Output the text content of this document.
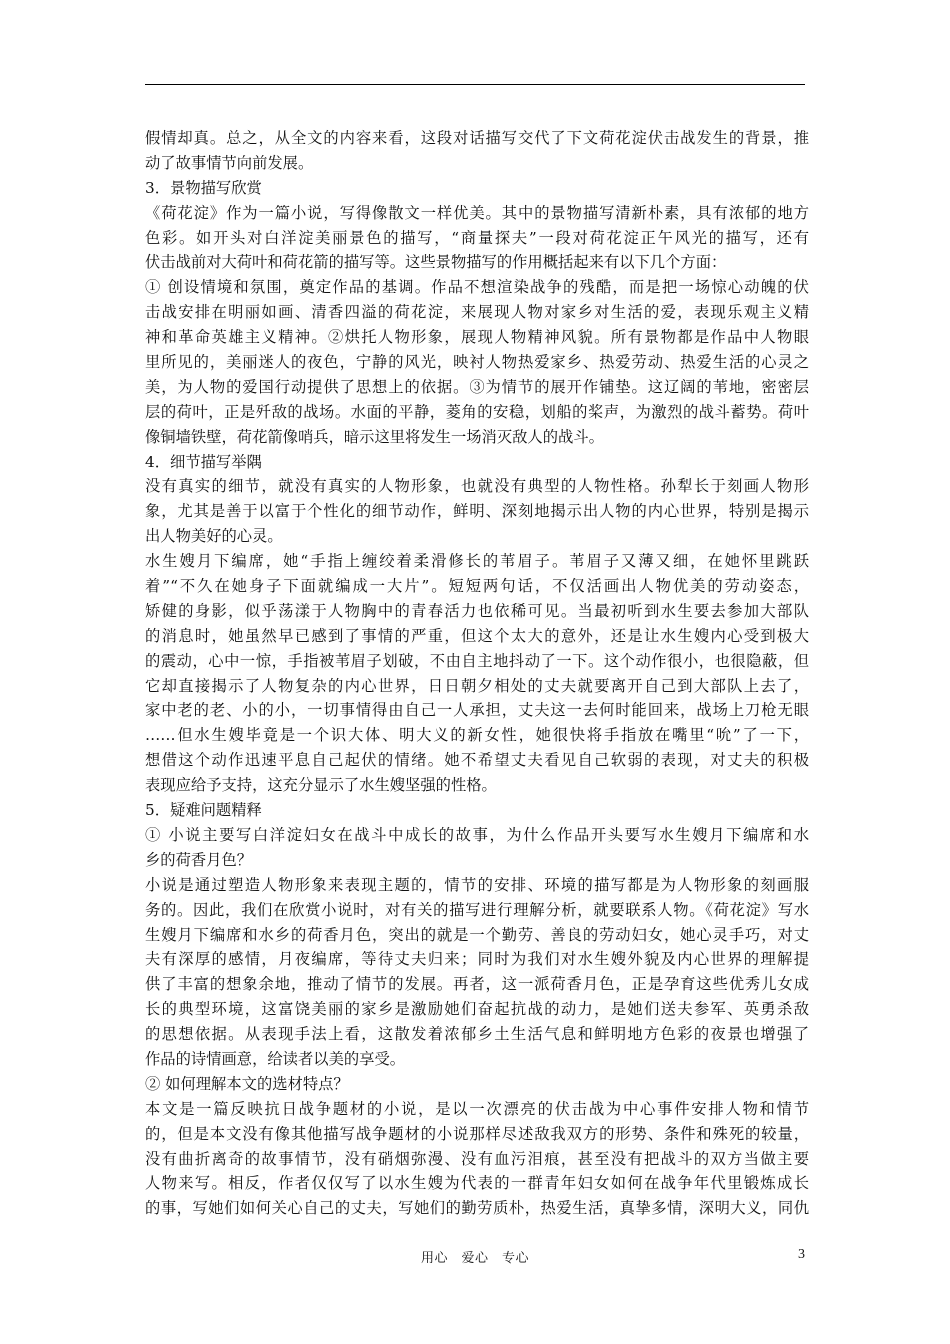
假情却真。总之，从全文的内容来看，这段对话描写交代了下文荷花淀伏击战发生的背景，推
动了故事情节向前发展。
3．景物描写欣赏
《荷花淀》作为一篇小说，写得像散文一样优美。其中的景物描写清新朴素，具有浓郁的地方
色彩。如开头对白洋淀美丽景色的描写，“商量探夫”一段对荷花淀正午风光的描写，还有
伏击战前对大荷叶和荷花箭的描写等。这些景物描写的作用概括起来有以下几个方面：
① 创设情境和氛围，奠定作品的基调。作品不想渲染战争的残酷，而是把一场惊心动魄的伏
击战安排在明丽如画、清香四溢的荷花淀，来展现人物对家乡对生活的爱，表现乐观主义精
神和革命英雄主义精神。②烘托人物形象，展现人物精神风貌。所有景物都是作品中人物眼
里所见的，美丽迷人的夜色，宁静的风光，映衬人物热爱家乡、热爱劳动、热爱生活的心灵之
美，为人物的爱国行动提供了思想上的依据。③为情节的展开作铺垫。这辽阔的苇地，密密层
层的荷叶，正是歼敌的战场。水面的平静，菱角的安稳，划船的桨声，为激烈的战斗蓄势。荷叶
像铜墙铁壁，荷花箭像哨兵，暗示这里将发生一场消灭敌人的战斗。
4．细节描写举隅
没有真实的细节，就没有真实的人物形象，也就没有典型的人物性格。孙犁长于刻画人物形
象，尤其是善于以富于个性化的细节动作，鲜明、深刻地揭示出人物的内心世界，特别是揭示
出人物美好的心灵。
水生嫂月下编席，她“手指上缠绞着柔滑修长的苇眉子。苇眉子又薄又细，在她怀里跳跃
着”“不久在她身子下面就编成一大片”。短短两句话，不仅活画出人物优美的劳动姿态，
矫健的身影，似乎荡漾于人物胸中的青春活力也依稀可见。当最初听到水生要去参加大部队
的消息时，她虽然早已感到了事情的严重，但这个太大的意外，还是让水生嫂内心受到极大
的震动，心中一惊，手指被苇眉子划破，不由自主地抖动了一下。这个动作很小，也很隐蔽，但
它却直接揭示了人物复杂的内心世界，日日朝夕相处的丈夫就要离开自己到大部队上去了，
家中老的老、小的小，一切事情得由自己一人承担，丈夫这一去何时能回来，战场上刀枪无眼
……但水生嫂毕竟是一个识大体、明大义的新女性，她很快将手指放在嘴里“吮”了一下，
想借这个动作迅速平息自己起伏的情绪。她不希望丈夫看见自己软弱的表现，对丈夫的积极
表现应给予支持，这充分显示了水生嫂坚强的性格。
5．疑难问题精释
① 小说主要写白洋淀妇女在战斗中成长的故事，为什么作品开头要写水生嫂月下编席和水
乡的荷香月色？
小说是通过塑造人物形象来表现主题的，情节的安排、环境的描写都是为人物形象的刻画服
务的。因此，我们在欣赏小说时，对有关的描写进行理解分析，就要联系人物。《荷花淀》写水
生嫂月下编席和水乡的荷香月色，突出的就是一个勤劳、善良的劳动妇女，她心灵手巧，对丈
夫有深厚的感情，月夜编席，等待丈夫归来；同时为我们对水生嫂外貌及内心世界的理解提
供了丰富的想象余地，推动了情节的发展。再者，这一派荷香月色，正是孕育这些优秀儿女成
长的典型环境，这富饶美丽的家乡是激励她们奋起抗战的动力，是她们送夫参军、英勇杀敌
的思想依据。从表现手法上看，这散发着浓郁乡土生活气息和鲜明地方色彩的夜景也增强了
作品的诗情画意，给读者以美的享受。
② 如何理解本文的选材特点？
本文是一篇反映抗日战争题材的小说，是以一次漂亮的伏击战为中心事件安排人物和情节
的，但是本文没有像其他描写战争题材的小说那样尽述敌我双方的形势、条件和殊死的较量，
没有曲折离奇的故事情节，没有硝烟弥漫、没有血污泪痕，甚至没有把战斗的双方当做主要
人物来写。相反，作者仅仅写了以水生嫂为代表的一群青年妇女如何在战争年代里锻炼成长
的事，写她们如何关心自己的丈夫，写她们的勤劳质朴，热爱生活，真挚多情，深明大义，同仇
用心　爱心　专心	3
